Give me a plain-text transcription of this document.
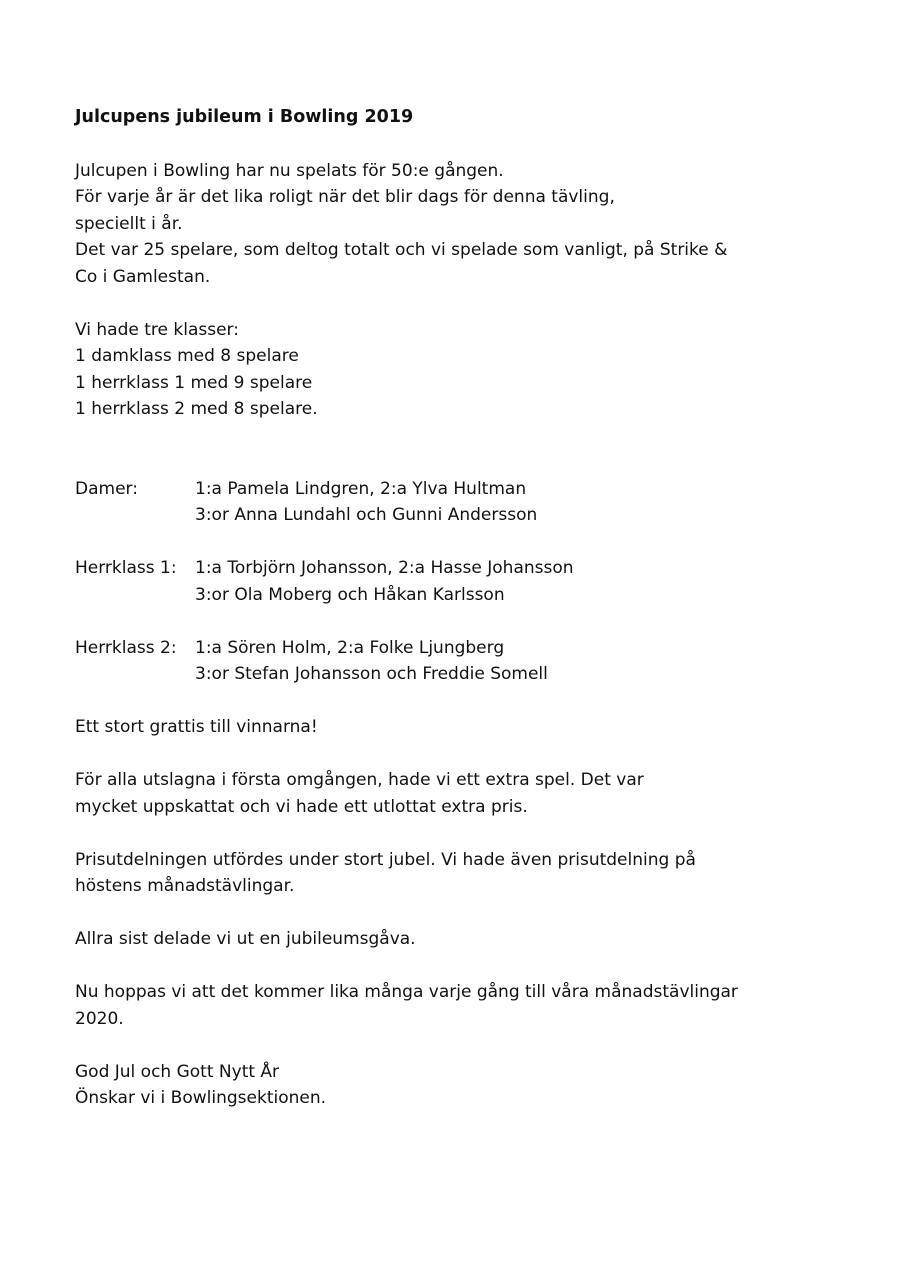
Julcupens jubileum i Bowling 2019
Julcupen i Bowling har nu spelats för 50:e gången.
För varje år är det lika roligt när det blir dags för denna tävling,
speciellt i år.
Det var 25 spelare, som deltog totalt och vi spelade som vanligt, på Strike &
Co i Gamlestan.
Vi hade tre klasser:
1 damklass med 8 spelare
1 herrklass 1 med 9 spelare
1 herrklass 2 med 8 spelare.
Damer:	1:a Pamela Lindgren, 2:a Ylva Hultman
3:or Anna Lundahl och Gunni Andersson
Herrklass 1:	1:a Torbjörn Johansson, 2:a Hasse Johansson
3:or Ola Moberg och Håkan Karlsson
Herrklass 2:	1:a Sören Holm, 2:a Folke Ljungberg
3:or Stefan Johansson och Freddie Somell
Ett stort grattis till vinnarna!
För alla utslagna i första omgången, hade vi ett extra spel. Det var
mycket uppskattat och vi hade ett utlottat extra pris.
Prisutdelningen utfördes under stort jubel. Vi hade även prisutdelning på
höstens månadstävlingar.
Allra sist delade vi ut en jubileumsgåva.
Nu hoppas vi att det kommer lika många varje gång till våra månadstävlingar
2020.
God Jul och Gott Nytt År
Önskar vi i Bowlingsektionen.
